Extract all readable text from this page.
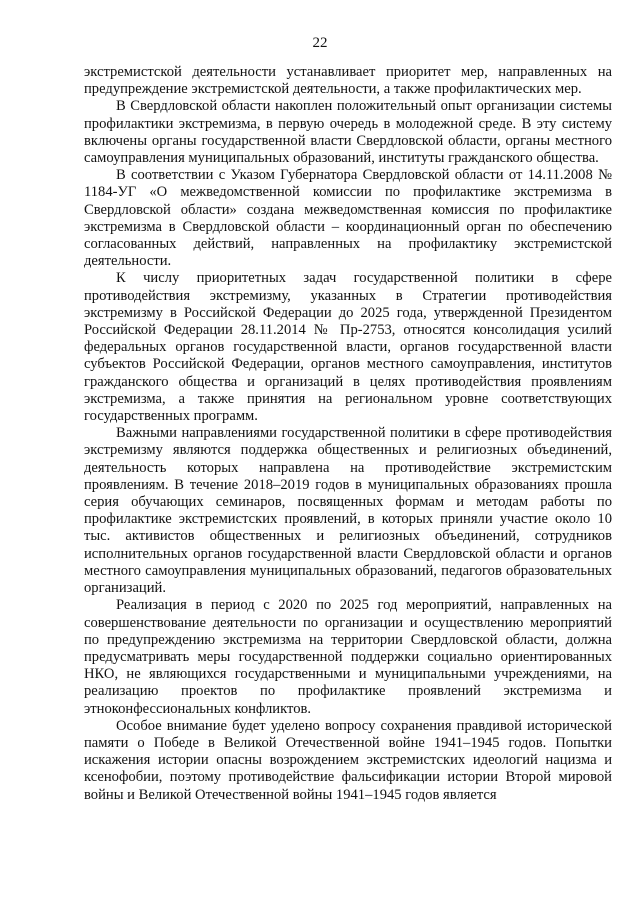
22

экстремистской деятельности устанавливает приоритет мер, направленных на предупреждение экстремистской деятельности, а также профилактических мер.

В Свердловской области накоплен положительный опыт организации системы профилактики экстремизма, в первую очередь в молодежной среде. В эту систему включены органы государственной власти Свердловской области, органы местного самоуправления муниципальных образований, институты гражданского общества.

В соответствии с Указом Губернатора Свердловской области от 14.11.2008 № 1184-УГ «О межведомственной комиссии по профилактике экстремизма в Свердловской области» создана межведомственная комиссия по профилактике экстремизма в Свердловской области – координационный орган по обеспечению согласованных действий, направленных на профилактику экстремистской деятельности.

К числу приоритетных задач государственной политики в сфере противодействия экстремизму, указанных в Стратегии противодействия экстремизму в Российской Федерации до 2025 года, утвержденной Президентом Российской Федерации 28.11.2014 № Пр-2753, относятся консолидация усилий федеральных органов государственной власти, органов государственной власти субъектов Российской Федерации, органов местного самоуправления, институтов гражданского общества и организаций в целях противодействия проявлениям экстремизма, а также принятия на региональном уровне соответствующих государственных программ.

Важными направлениями государственной политики в сфере противодействия экстремизму являются поддержка общественных и религиозных объединений, деятельность которых направлена на противодействие экстремистским проявлениям. В течение 2018–2019 годов в муниципальных образованиях прошла серия обучающих семинаров, посвященных формам и методам работы по профилактике экстремистских проявлений, в которых приняли участие около 10 тыс. активистов общественных и религиозных объединений, сотрудников исполнительных органов государственной власти Свердловской области и органов местного самоуправления муниципальных образований, педагогов образовательных организаций.

Реализация в период с 2020 по 2025 год мероприятий, направленных на совершенствование деятельности по организации и осуществлению мероприятий по предупреждению экстремизма на территории Свердловской области, должна предусматривать меры государственной поддержки социально ориентированных НКО, не являющихся государственными и муниципальными учреждениями, на реализацию проектов по профилактике проявлений экстремизма и этноконфессиональных конфликтов.

Особое внимание будет уделено вопросу сохранения правдивой исторической памяти о Победе в Великой Отечественной войне 1941–1945 годов. Попытки искажения истории опасны возрождением экстремистских идеологий нацизма и ксенофобии, поэтому противодействие фальсификации истории Второй мировой войны и Великой Отечественной войны 1941–1945 годов является
